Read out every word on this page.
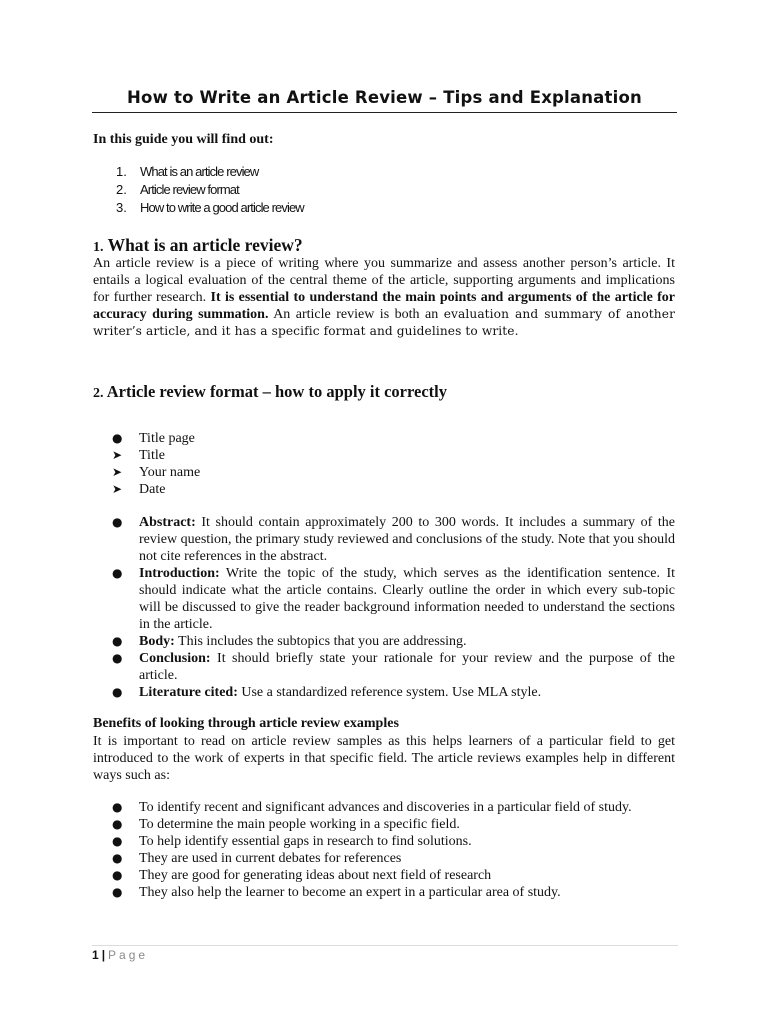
How to Write an Article Review – Tips and Explanation
In this guide you will find out:
1. What is an article review
2. Article review format
3. How to write a good article review
1. What is an article review?

An article review is a piece of writing where you summarize and assess another person’s article. It entails a logical evaluation of the central theme of the article, supporting arguments and implications for further research. It is essential to understand the main points and arguments of the article for accuracy during summation. An article review is both an evaluation and summary of another writer’s article, and it has a specific format and guidelines to write.

2. Article review format – how to apply it correctly
● Title page
➤ Title
➤ Your name
➤ Date
● Abstract: It should contain approximately 200 to 300 words. It includes a summary of the review question, the primary study reviewed and conclusions of the study. Note that you should not cite references in the abstract.
● Introduction: Write the topic of the study, which serves as the identification sentence. It should indicate what the article contains. Clearly outline the order in which every sub-topic will be discussed to give the reader background information needed to understand the sections in the article.
● Body: This includes the subtopics that you are addressing.
● Conclusion: It should briefly state your rationale for your review and the purpose of the article.
● Literature cited: Use a standardized reference system. Use MLA style.
Benefits of looking through article review examples

It is important to read on article review samples as this helps learners of a particular field to get introduced to the work of experts in that specific field. The article reviews examples help in different ways such as:

● To identify recent and significant advances and discoveries in a particular field of study.
● To determine the main people working in a specific field.
● To help identify essential gaps in research to find solutions.
● They are used in current debates for references
● They are good for generating ideas about next field of research
● They also help the learner to become an expert in a particular area of study.
1 | Page
